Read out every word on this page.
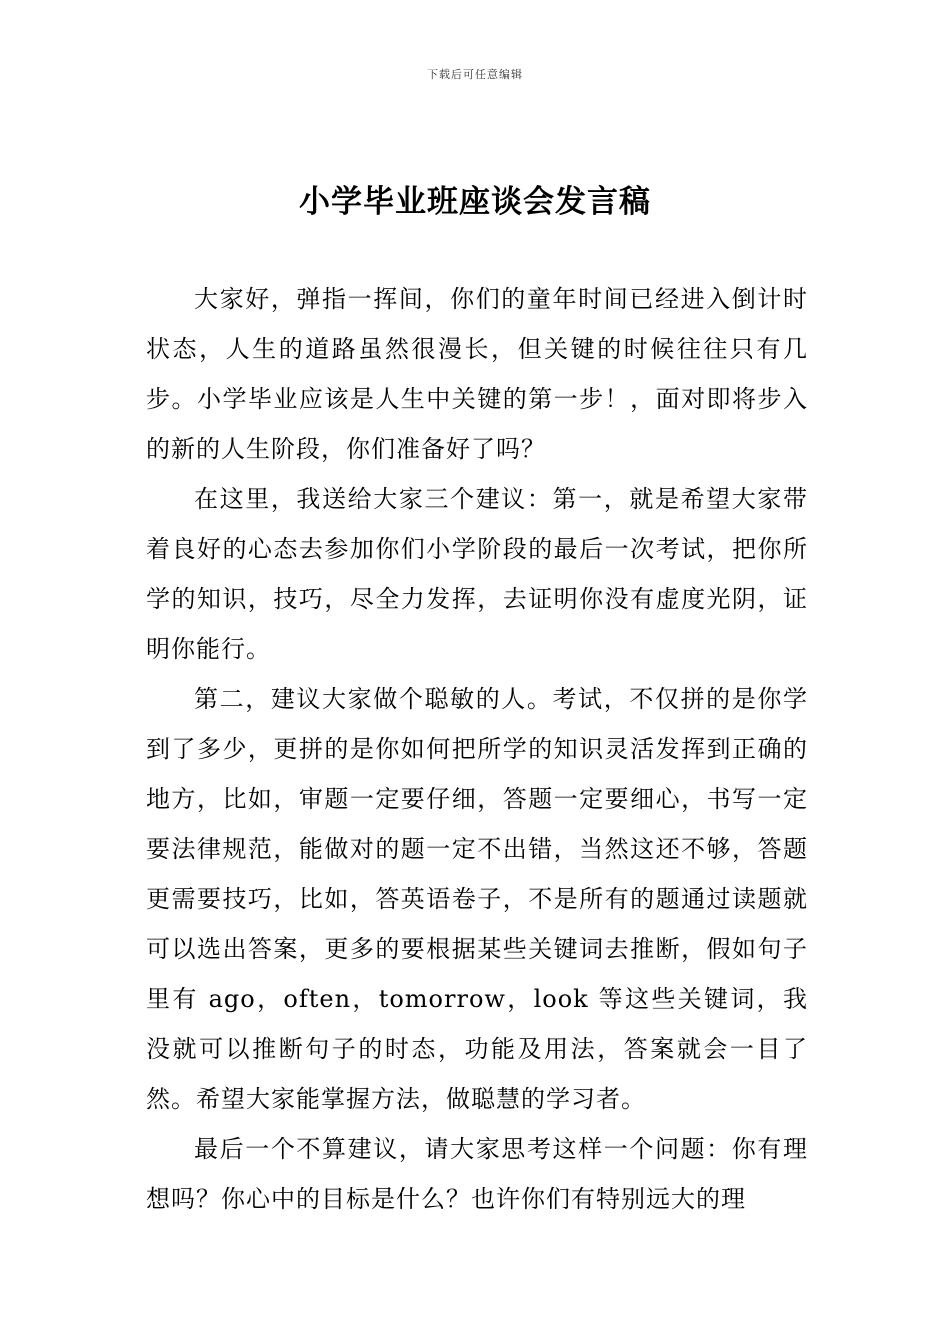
下载后可任意编辑
小学毕业班座谈会发言稿

大家好，弹指一挥间，你们的童年时间已经进入倒计时状态，人生的道路虽然很漫长，但关键的时候往往只有几步。小学毕业应该是人生中关键的第一步！，面对即将步入的新的人生阶段，你们准备好了吗？

在这里，我送给大家三个建议：第一，就是希望大家带着良好的心态去参加你们小学阶段的最后一次考试，把你所学的知识，技巧，尽全力发挥，去证明你没有虚度光阴，证明你能行。

第二，建议大家做个聪敏的人。考试，不仅拼的是你学到了多少，更拼的是你如何把所学的知识灵活发挥到正确的地方，比如，审题一定要仔细，答题一定要细心，书写一定要法律规范，能做对的题一定不出错，当然这还不够，答题更需要技巧，比如，答英语卷子，不是所有的题通过读题就可以选出答案，更多的要根据某些关键词去推断，假如句子里有 ago，often，tomorrow，look 等这些关键词，我没就可以推断句子的时态，功能及用法，答案就会一目了然。希望大家能掌握方法，做聪慧的学习者。

最后一个不算建议，请大家思考这样一个问题：你有理想吗？你心中的目标是什么？也许你们有特别远大的理
